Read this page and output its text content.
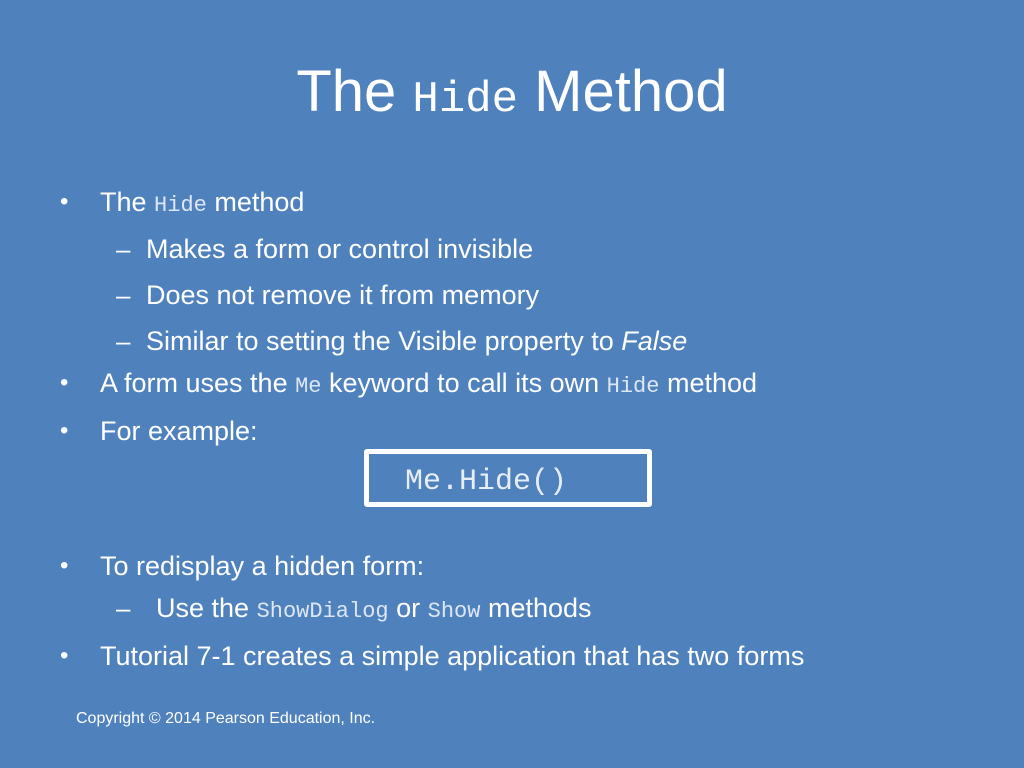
The Hide Method
• The Hide method
– Makes a form or control invisible
– Does not remove it from memory
– Similar to setting the Visible property to False
• A form uses the Me keyword to call its own Hide method
• For example:
Me.Hide()
• To redisplay a hidden form:
– Use the ShowDialog or Show methods
• Tutorial 7-1 creates a simple application that has two forms
Copyright © 2014 Pearson Education, Inc.
